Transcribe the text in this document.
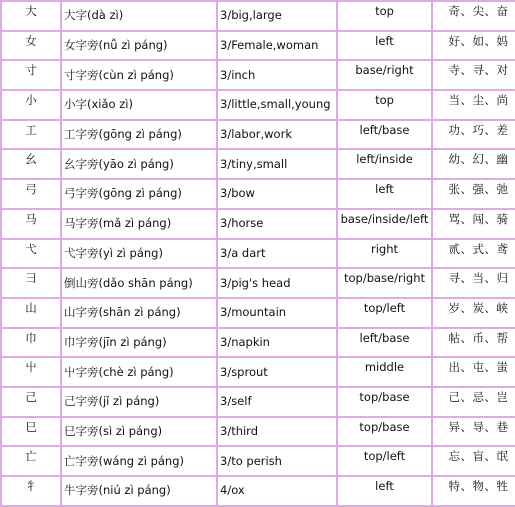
大	大字(dà zì)	3/big,large	top	奇、尖、奋
女	女字旁(nǚ zì páng)	3/Female,woman	left	好、如、妈
寸	寸字旁(cùn zì páng)	3/inch	base/right	寺、寻、对
小	小字(xiǎo zì)	3/little,small,young	top	当、尘、尚
工	工字旁(gōng zì páng)	3/labor,work	left/base	功、巧、差
幺	幺字旁(yāo zì páng)	3/tiny,small	left/inside	幼、幻、幽
弓	弓字旁(gōng zì páng)	3/bow	left	张、强、弛
马	马字旁(mǎ zì páng)	3/horse	base/inside/left	骂、闯、骑
弋	弋字旁(yì zì páng)	3/a dart	right	贰、式、鸢
彐	倒山旁(dǎo shān páng)	3/pig's head	top/base/right	寻、当、归
山	山字旁(shān zì páng)	3/mountain	top/left	岁、炭、峡
巾	巾字旁(jīn zì páng)	3/napkin	left/base	帖、币、帮
屮	屮字旁(chè zì páng)	3/sprout	middle	出、屯、蚩
己	己字旁(jǐ zì páng)	3/self	top/base	己、忌、岂
巳	巳字旁(sì zì páng)	3/third	top/base	异、导、巷
亡	亡字旁(wáng zì páng)	3/to perish	top/left	忘、盲、氓
牜	牛字旁(niú zì páng)	4/ox	left	特、物、牲
